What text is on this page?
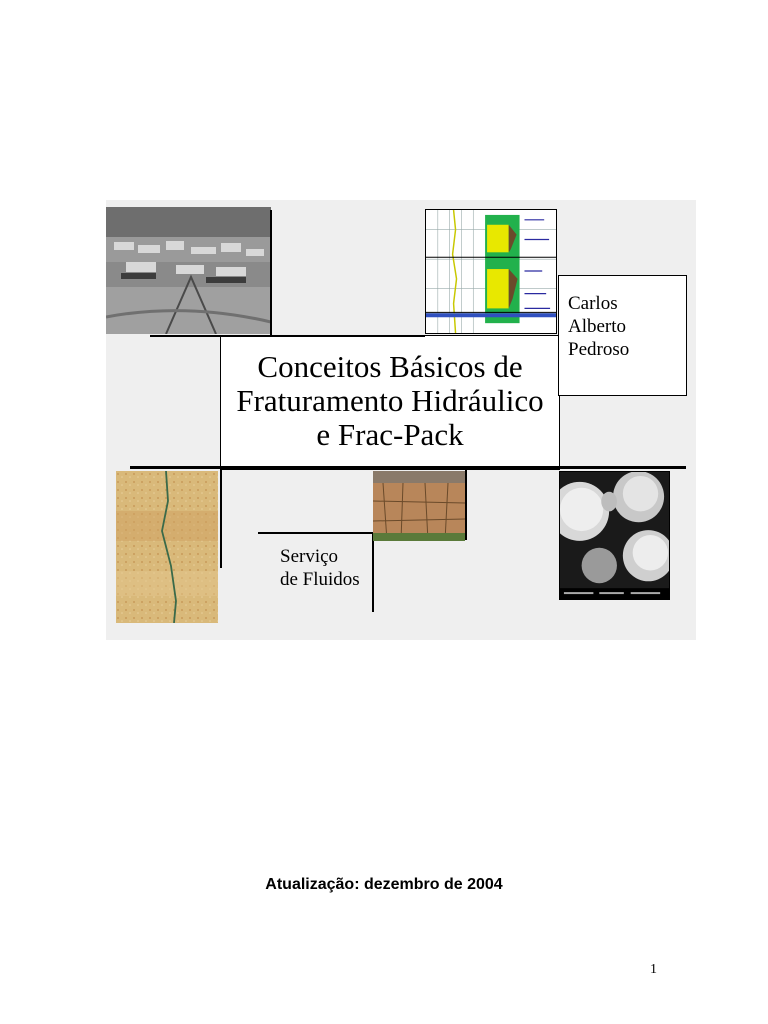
Conceitos Básicos de
Fraturamento Hidráulico
e Frac-Pack
Carlos
Alberto
Pedroso
Serviço
de Fluidos
Atualização: dezembro de 2004
1
